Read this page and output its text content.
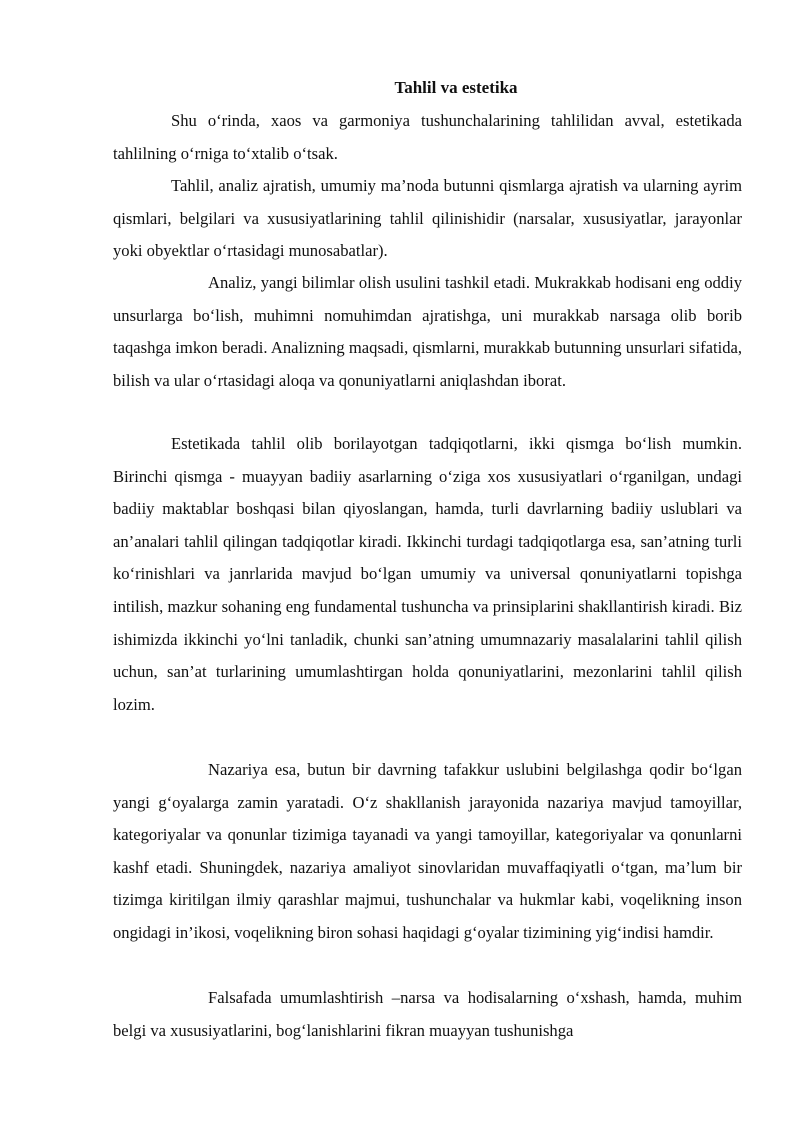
Tahlil va estetika

Shu o‘rinda, xaos va garmoniya tushunchalarining tahlilidan avval, estetikada tahlilning o‘rniga to‘xtalib o‘tsak.

Tahlil, analiz ajratish, umumiy ma’noda butunni qismlarga ajratish va ularning ayrim qismlari, belgilari va xususiyatlarining tahlil qilinishidir (narsalar, xususiyatlar, jarayonlar yoki obyektlar o‘rtasidagi munosabatlar).

Analiz, yangi bilimlar olish usulini tashkil etadi. Mukrakkab hodisani eng oddiy unsurlarga bo‘lish, muhimni nomuhimdan ajratishga, uni murakkab narsaga olib borib taqashga imkon beradi. Analizning maqsadi, qismlarni, murakkab butunning unsurlari sifatida, bilish va ular o‘rtasidagi aloqa va qonuniyatlarni aniqlashdan iborat.

Estetikada tahlil olib borilayotgan tadqiqotlarni, ikki qismga bo‘lish mumkin. Birinchi qismga - muayyan badiiy asarlarning o‘ziga xos xususiyatlari o‘rganilgan, undagi badiiy maktablar boshqasi bilan qiyoslangan, hamda, turli davrlarning badiiy uslublari va an’analari tahlil qilingan tadqiqotlar kiradi. Ikkinchi turdagi tadqiqotlarga esa, san’atning turli ko‘rinishlari va janrlarida mavjud bo‘lgan umumiy va universal qonuniyatlarni topishga intilish, mazkur sohaning eng fundamental tushuncha va prinsiplarini shakllantirish kiradi. Biz ishimizda ikkinchi yo‘lni tanladik, chunki san’atning umumnazariy masalalarini tahlil qilish uchun, san’at turlarining umumlashtirgan holda qonuniyatlarini, mezonlarini tahlil qilish lozim.

Nazariya esa, butun bir davrning tafakkur uslubini belgilashga qodir bo‘lgan yangi g‘oyalarga zamin yaratadi. O‘z shakllanish jarayonida nazariya mavjud tamoyillar, kategoriyalar va qonunlar tizimiga tayanadi va yangi tamoyillar, kategoriyalar va qonunlarni kashf etadi. Shuningdek, nazariya amaliyot sinovlaridan muvaffaqiyatli o‘tgan, ma’lum bir tizimga kiritilgan ilmiy qarashlar majmui, tushunchalar va hukmlar kabi, voqelikning inson ongidagi in’ikosi, voqelikning biron sohasi haqidagi g‘oyalar tizimining yig‘indisi hamdir.

Falsafada umumlashtirish –narsa va hodisalarning o‘xshash, hamda, muhim belgi va xususiyatlarini, bog‘lanishlarini fikran muayyan tushunishga
